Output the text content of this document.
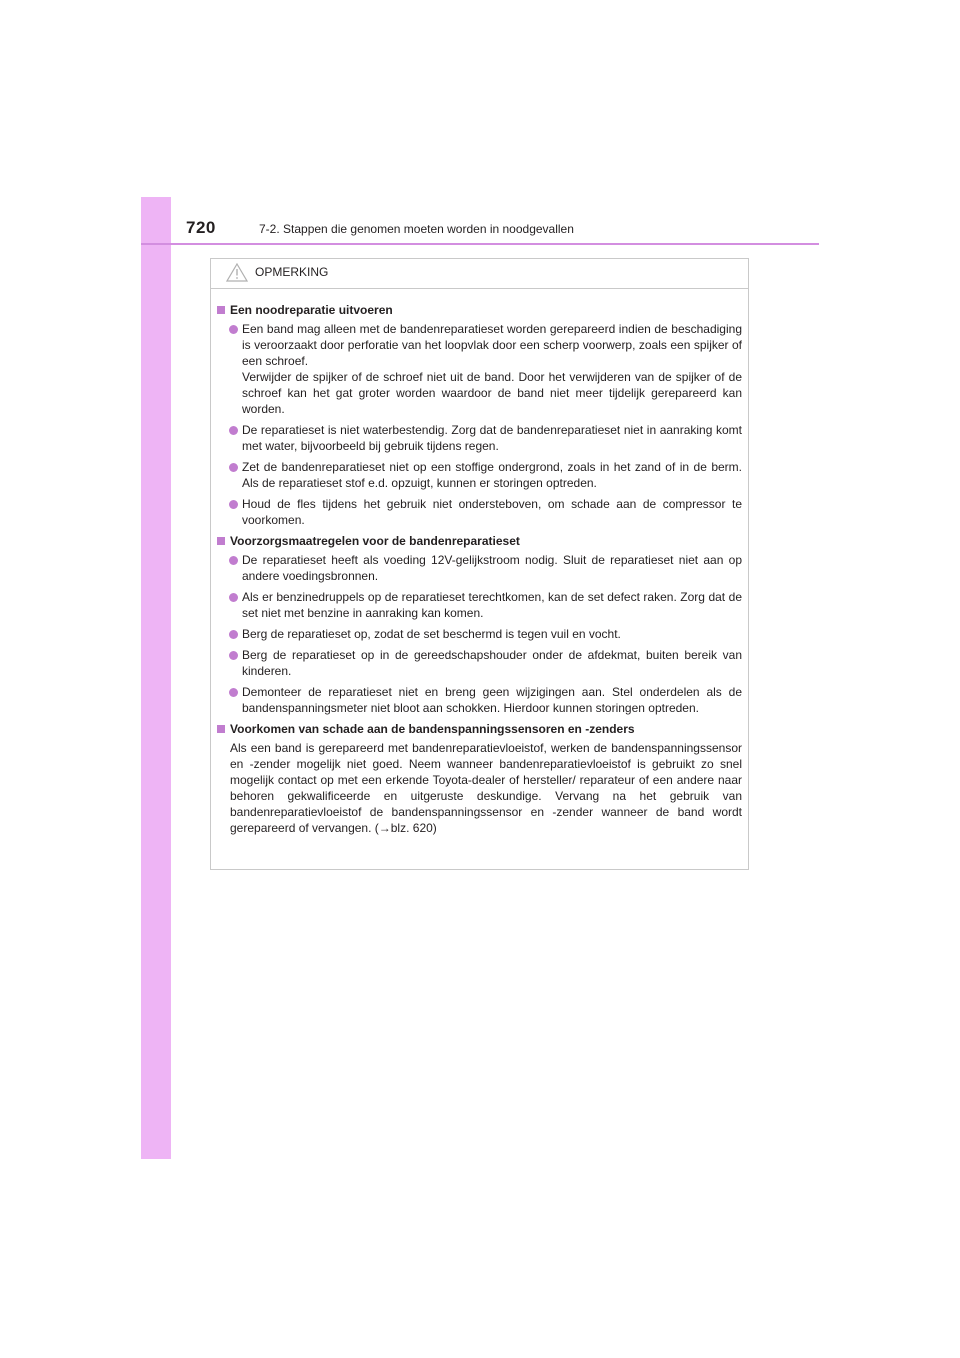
720	7-2. Stappen die genomen moeten worden in noodgevallen
OPMERKING
Een noodreparatie uitvoeren
Een band mag alleen met de bandenreparatieset worden gerepareerd indien de beschadiging is veroorzaakt door perforatie van het loopvlak door een scherp voorwerp, zoals een spijker of een schroef.
Verwijder de spijker of de schroef niet uit de band. Door het verwijderen van de spijker of de schroef kan het gat groter worden waardoor de band niet meer tijdelijk gerepareerd kan worden.
De reparatieset is niet waterbestendig. Zorg dat de bandenreparatieset niet in aanraking komt met water, bijvoorbeeld bij gebruik tijdens regen.
Zet de bandenreparatieset niet op een stoffige ondergrond, zoals in het zand of in de berm. Als de reparatieset stof e.d. opzuigt, kunnen er storingen optreden.
Houd de fles tijdens het gebruik niet ondersteboven, om schade aan de compressor te voorkomen.
Voorzorgsmaatregelen voor de bandenreparatieset
De reparatieset heeft als voeding 12V-gelijkstroom nodig. Sluit de reparatieset niet aan op andere voedingsbronnen.
Als er benzinedruppels op de reparatieset terechtkomen, kan de set defect raken. Zorg dat de set niet met benzine in aanraking kan komen.
Berg de reparatieset op, zodat de set beschermd is tegen vuil en vocht.
Berg de reparatieset op in de gereedschapshouder onder de afdekmat, buiten bereik van kinderen.
Demonteer de reparatieset niet en breng geen wijzigingen aan. Stel onderdelen als de bandenspanningsmeter niet bloot aan schokken. Hierdoor kunnen storingen optreden.
Voorkomen van schade aan de bandenspanningssensoren en -zenders
Als een band is gerepareerd met bandenreparatievloeistof, werken de bandenspanningssensor en -zender mogelijk niet goed. Neem wanneer bandenreparatievloeistof is gebruikt zo snel mogelijk contact op met een erkende Toyota-dealer of hersteller/ reparateur of een andere naar behoren gekwalificeerde en uitgeruste deskundige. Vervang na het gebruik van bandenreparatievloeistof de bandenspanningssensor en -zender wanneer de band wordt gerepareerd of vervangen. (→blz. 620)
